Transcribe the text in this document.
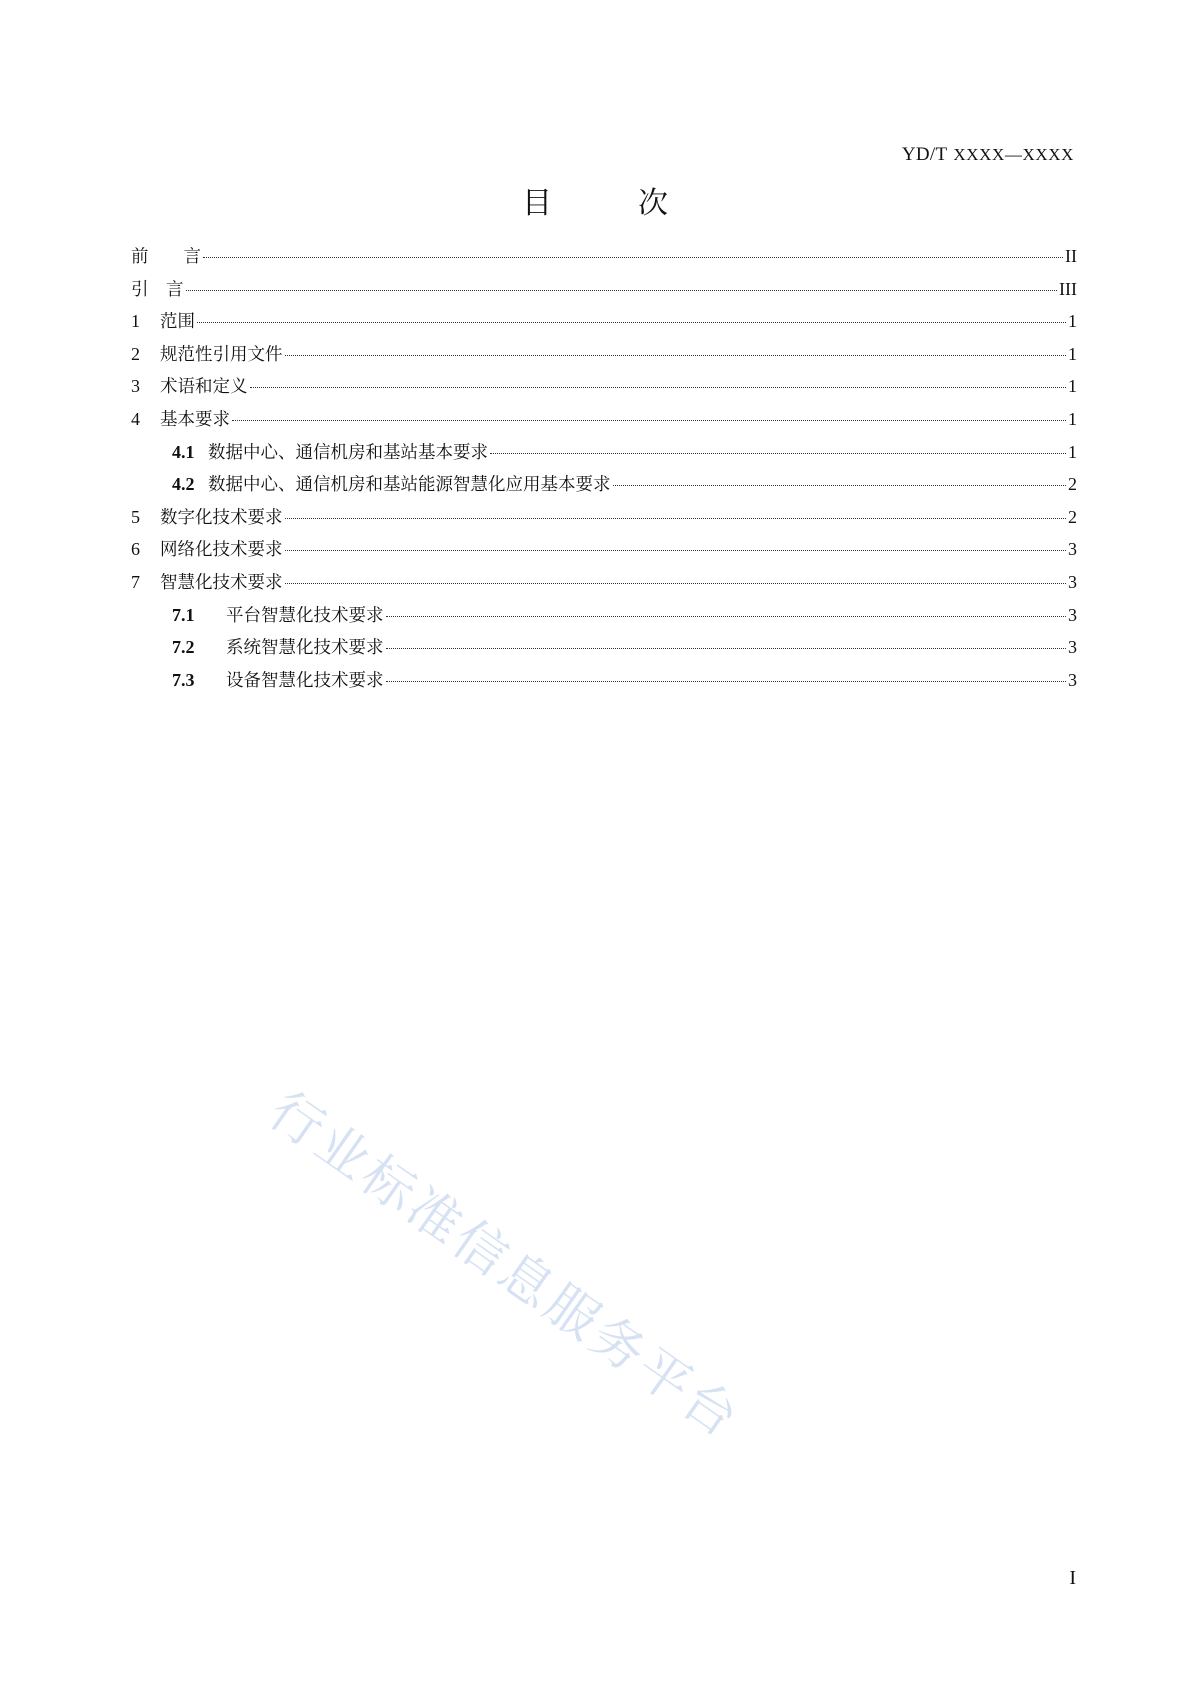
YD/T XXXX—XXXX
目	次
前　　言	II
引　言	III
1	范围	1
2	规范性引用文件	1
3	术语和定义	1
4	基本要求	1
4.1 数据中心、通信机房和基站基本要求	1
4.2 数据中心、通信机房和基站能源智慧化应用基本要求	2
5	数字化技术要求	2
6	网络化技术要求	3
7	智慧化技术要求	3
7.1	平台智慧化技术要求	3
7.2	系统智慧化技术要求	3
7.3	设备智慧化技术要求	3
行业标准信息服务平台
I
